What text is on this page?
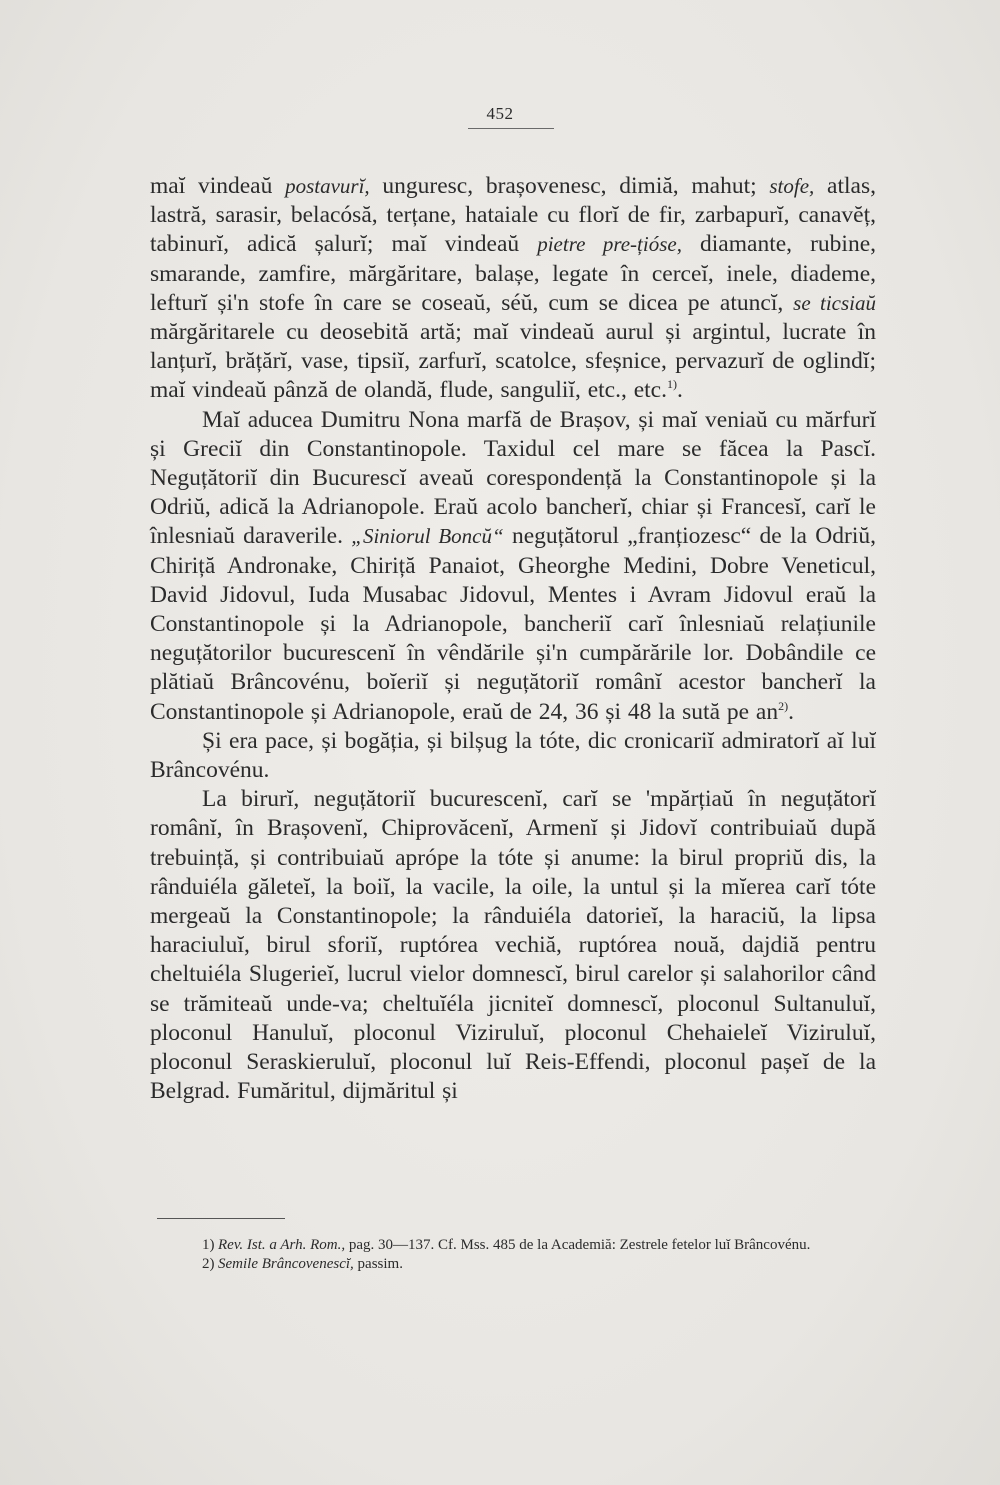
452

maĭ vindeaŭ postavurĭ, unguresc, brașovenesc, dimiă, mahut; stofe, atlas, lastră, sarasir, belacósă, terțane, hataiale cu florĭ de fir, zarbapurĭ, canavĕț, tabinurĭ, adică șalurĭ; maĭ vindeaŭ pietre pre-țióse, diamante, rubine, smarande, zamfire, mărgăritare, balașe, legate în cerceĭ, inele, diademe, lefturĭ și'n stofe în care se coseaŭ, séŭ, cum se dicea pe atuncĭ, se ticsiaŭ mărgăritarele cu deosebită artă; maĭ vindeaŭ aurul și argintul, lucrate în lanțurĭ, brățărĭ, vase, tipsiĭ, zarfurĭ, scatolce, sfeșnice, pervazurĭ de oglindĭ; maĭ vindeaŭ pânză de olandă, flude, sanguliĭ, etc., etc.$^{1)}$.

Maĭ aducea Dumitru Nona marfă de Brașov, și maĭ veniaŭ cu mărfurĭ și Greciĭ din Constantinopole. Taxidul cel mare se făcea la Pascĭ. Neguțătoriĭ din Bucurescĭ aveaŭ corespondență la Constantinopole și la Odriŭ, adică la Adrianopole. Eraŭ acolo bancherĭ, chiar și Francesĭ, carĭ le înlesniaŭ daraverile. „Siniorul Boncŭ“ neguțătorul „franțiozesc“ de la Odriŭ, Chiriță Andronake, Chiriță Panaiot, Gheorghe Medini, Dobre Veneticul, David Jidovul, Iuda Musabac Jidovul, Mentes i Avram Jidovul eraŭ la Constantinopole și la Adrianopole, bancheriĭ carĭ înlesniaŭ relațiunile neguțătorilor bucurescenĭ în vêndările și'n cumpărările lor. Dobândile ce plătiaŭ Brâncovénu, boĭeriĭ și neguțătoriĭ românĭ acestor bancherĭ la Constantinopole și Adrianopole, eraŭ de 24, 36 și 48 la sută pe $an^{2)}$.

Și era pace, și bogăția, și bilșug la tóte, dic cronicariĭ admiratorĭ aĭ luĭ Brâncovénu.

La birurĭ, neguțătoriĭ bucurescenĭ, carĭ se 'mpărțiaŭ în neguțătorĭ românĭ, în Brașovenĭ, Chiprovăcenĭ, Armenĭ și Jidovĭ contribuiaŭ după trebuință, și contribuiaŭ aprópe la tóte și anume: la birul propriŭ dis, la rânduiéla găleteĭ, la boiĭ, la vacile, la oile, la untul și la mĭerea carĭ tóte mergeaŭ la Constantinopole; la rânduiéla datorieĭ, la haraciŭ, la lipsa haraciuluĭ, birul sforiĭ, ruptórea vechiă, ruptórea nouă, dajdiă pentru cheltuiéla Slugerieĭ, lucrul vielor domnescĭ, birul carelor și salahorilor când se trămiteaŭ unde-va; cheltuĭéla jicniteĭ domnescĭ, ploconul Sultanuluĭ, ploconul Hanuluĭ, ploconul Viziruluĭ, ploconul Chehaieleĭ Viziruluĭ, ploconul Seraskieruluĭ, ploconul luĭ Reis-Effendi, ploconul pașeĭ de la Belgrad. Fumăritul, dijmăritul și

1) Rev. Ist. a Arh. Rom., pag. 30—137. Cf. Mss. 485 de la Academiă: Zestrele fetelor luĭ Brâncovénu.

2) Semile Brâncovenescĭ, passim.
